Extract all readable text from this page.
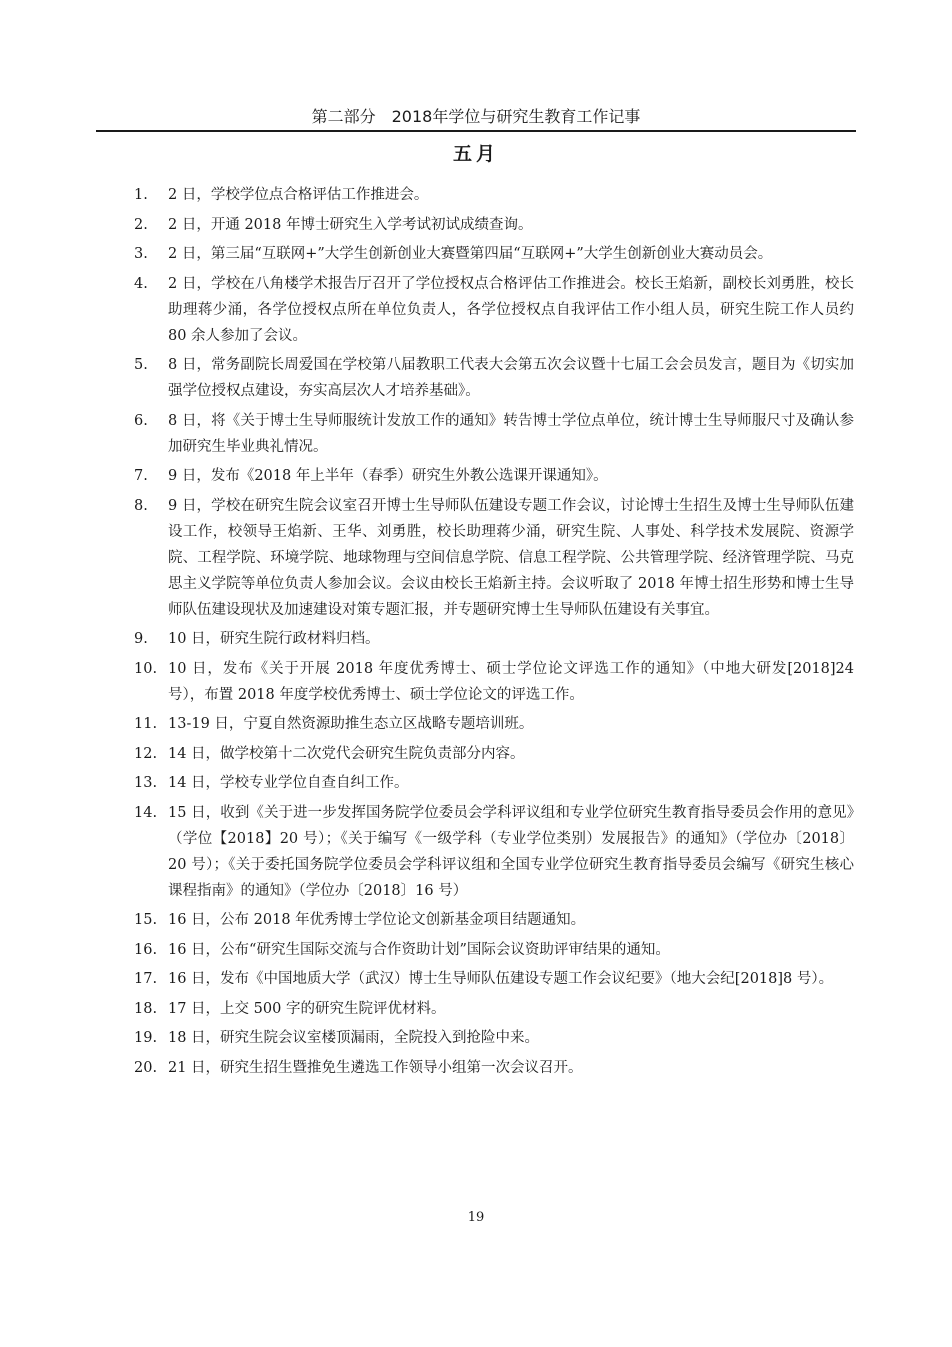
第二部分　2018年学位与研究生教育工作记事
五月
1.	2 日，学校学位点合格评估工作推进会。
2.	2 日，开通 2018 年博士研究生入学考试初试成绩查询。
3.	2 日，第三届“互联网+”大学生创新创业大赛暨第四届“互联网+”大学生创新创业大赛动员会。
4.	2 日，学校在八角楼学术报告厅召开了学位授权点合格评估工作推进会。校长王焰新，副校长刘勇胜，校长助理蒋少涌，各学位授权点所在单位负责人，各学位授权点自我评估工作小组人员，研究生院工作人员约 80 余人参加了会议。
5.	8 日，常务副院长周爱国在学校第八届教职工代表大会第五次会议暨十七届工会会员发言，题目为《切实加强学位授权点建设，夯实高层次人才培养基础》。
6.	8 日，将《关于博士生导师服统计发放工作的通知》转告博士学位点单位，统计博士生导师服尺寸及确认参加研究生毕业典礼情况。
7.	9 日，发布《2018 年上半年（春季）研究生外教公选课开课通知》。
8.	9 日，学校在研究生院会议室召开博士生导师队伍建设专题工作会议，讨论博士生招生及博士生导师队伍建设工作，校领导王焰新、王华、刘勇胜，校长助理蒋少涌，研究生院、人事处、科学技术发展院、资源学院、工程学院、环境学院、地球物理与空间信息学院、信息工程学院、公共管理学院、经济管理学院、马克思主义学院等单位负责人参加会议。会议由校长王焰新主持。会议听取了 2018 年博士招生形势和博士生导师队伍建设现状及加速建设对策专题汇报，并专题研究博士生导师队伍建设有关事宜。
9.	10 日，研究生院行政材料归档。
10. 10 日，发布《关于开展 2018 年度优秀博士、硕士学位论文评选工作的通知》（中地大研发[2018]24 号），布置 2018 年度学校优秀博士、硕士学位论文的评选工作。
11. 13-19 日，宁夏自然资源助推生态立区战略专题培训班。
12. 14 日，做学校第十二次党代会研究生院负责部分内容。
13. 14 日，学校专业学位自查自纠工作。
14. 15 日，收到《关于进一步发挥国务院学位委员会学科评议组和专业学位研究生教育指导委员会作用的意见》（学位【2018】20 号）；《关于编写《一级学科（专业学位类别）发展报告》的通知》（学位办〔2018〕20 号）；《关于委托国务院学位委员会学科评议组和全国专业学位研究生教育指导委员会编写《研究生核心课程指南》的通知》（学位办〔2018〕16 号）
15. 16 日，公布 2018 年优秀博士学位论文创新基金项目结题通知。
16. 16 日，公布“研究生国际交流与合作资助计划”国际会议资助评审结果的通知。
17. 16 日，发布《中国地质大学（武汉）博士生导师队伍建设专题工作会议纪要》（地大会纪[2018]8 号）。
18. 17 日，上交 500 字的研究生院评优材料。
19. 18 日，研究生院会议室楼顶漏雨，全院投入到抢险中来。
20. 21 日，研究生招生暨推免生遴选工作领导小组第一次会议召开。
19
